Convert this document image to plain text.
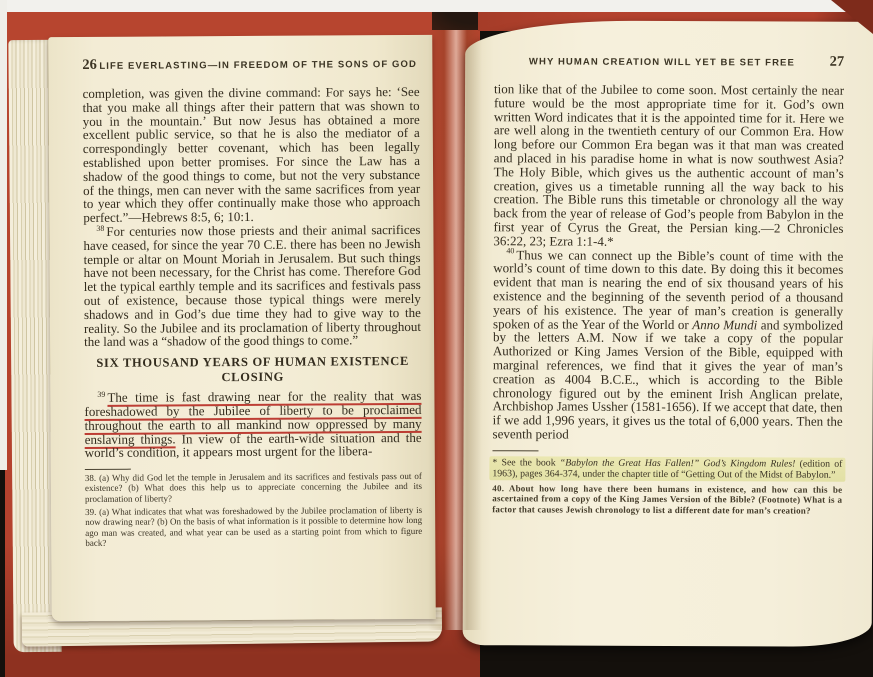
26 LIFE EVERLASTING—IN FREEDOM OF THE SONS OF GOD

completion, was given the divine command: For says he: ‘See that you make all things after their pattern that was shown to you in the mountain.’ But now Jesus has obtained a more excellent public service, so that he is also the mediator of a correspondingly better covenant, which has been legally established upon better promises. For since the Law has a shadow of the good things to come, but not the very substance of the things, men can never with the same sacrifices from year to year which they offer continually make those who approach perfect.”—Hebrews 8:5, 6; 10:1.

$^{38}$ For centuries now those priests and their animal sacrifices have ceased, for since the year 70 C.E. there has been no Jewish temple or altar on Mount Moriah in Jerusalem. But such things have not been necessary, for the Christ has come. Therefore God let the typical earthly temple and its sacrifices and festivals pass out of existence, because those typical things were merely shadows and in God’s due time they had to give way to the reality. So the Jubilee and its proclamation of liberty throughout the land was a “shadow of the good things to come.”

SIX THOUSAND YEARS OF HUMAN EXISTENCE
CLOSING

$^{39}$ The time is fast drawing near for the reality that was foreshadowed by the Jubilee of liberty to be proclaimed throughout the earth to all mankind now oppressed by many enslaving things. In view of the earth-wide situation and the world’s condition, it appears most urgent for the libera-

38. (a) Why did God let the temple in Jerusalem and its sacrifices and festivals pass out of existence? (b) What does this help us to appreciate concerning the Jubilee and its proclamation of liberty?

39. (a) What indicates that what was foreshadowed by the Jubilee proclamation of liberty is now drawing near? (b) On the basis of what information is it possible to determine how long ago man was created, and what year can be used as a starting point from which to figure back?

WHY HUMAN CREATION WILL YET BE SET FREE	27

tion like that of the Jubilee to come soon. Most certainly the near future would be the most appropriate time for it. God’s own written Word indicates that it is the appointed time for it. Here we are well along in the twentieth century of our Common Era. How long before our Common Era began was it that man was created and placed in his paradise home in what is now southwest Asia? The Holy Bible, which gives us the authentic account of man’s creation, gives us a timetable running all the way back to his creation. The Bible runs this timetable or chronology all the way back from the year of release of God’s people from Babylon in the first year of Cyrus the Great, the Persian king.—2 Chronicles 36:22, 23; Ezra 1:1-4.*

$^{40}$ Thus we can connect up the Bible’s count of time with the world’s count of time down to this date. By doing this it becomes evident that man is nearing the end of six thousand years of his existence and the beginning of the seventh period of a thousand years of his existence. The year of man’s creation is generally spoken of as the Year of the World or Anno Mundi and symbolized by the letters A.M. Now if we take a copy of the popular Authorized or King James Version of the Bible, equipped with marginal references, we find that it gives the year of man’s creation as 4004 B.C.E., which is according to the Bible chronology figured out by the eminent Irish Anglican prelate, Archbishop James Ussher (1581-1656). If we accept that date, then if we add 1,996 years, it gives us the total of 6,000 years. Then the seventh period

* See the book “Babylon the Great Has Fallen!” God’s Kingdom Rules! (edition of 1963), pages 364-374, under the chapter title of “Getting Out of the Midst of Babylon.”

40. About how long have there been humans in existence, and how can this be ascertained from a copy of the King James Version of the Bible? (Footnote) What is a factor that causes Jewish chronology to list a different date for man’s creation?
